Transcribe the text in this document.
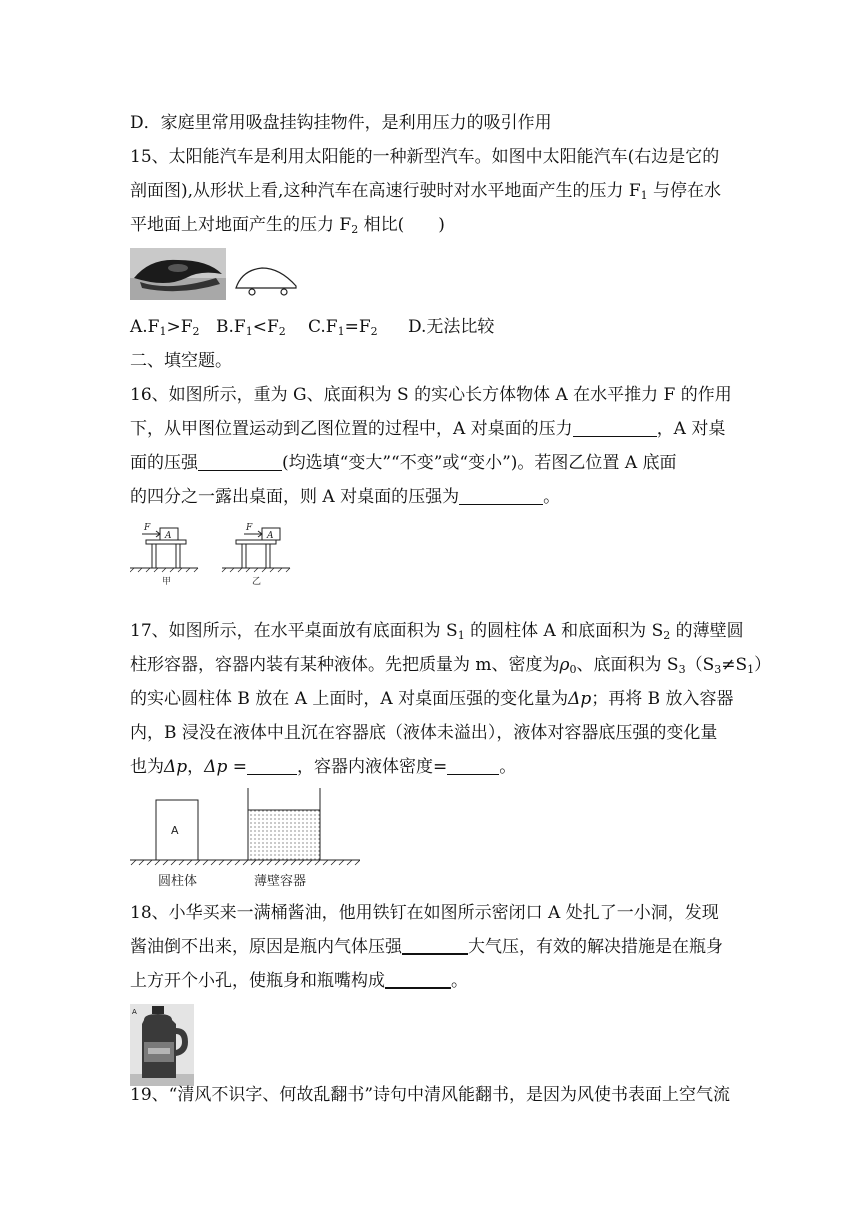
D．家庭里常用吸盘挂钩挂物件，是利用压力的吸引作用
15、太阳能汽车是利用太阳能的一种新型汽车。如图中太阳能汽车(右边是它的
剖面图),从形状上看,这种汽车在高速行驶时对水平地面产生的压力 $F_1$ 与停在水
平地面上对地面产生的压力 $F_2$ 相比(　　)
$A.F_1>F_2$ $B.F_1<F_2$ $C.F_1=F_2$ D.无法比较
二、填空题。
16、如图所示，重为 G、底面积为 S 的实心长方体物体 A 在水平推力 F 的作用
下，从甲图位置运动到乙图位置的过程中，A 对桌面的压力	，A 对桌
面的压强	(均选填“变大”“不变”或“变小”)。若图乙位置 A 底面
的四分之一露出桌面，则 A 对桌面的压强为	。
F
A
F
A
甲	乙
17、如图所示，在水平桌面放有底面积为 $S_1$ 的圆柱体 A 和底面积为 $S_2$ 的薄壁圆
柱形容器，容器内装有某种液体。先把质量为 m、密度为$\rho_0$、底面积为 $S_3(S_3\ne S_1)$
的实心圆柱体 B 放在 A 上面时，A 对桌面压强的变化量为Δp；再将 B 放入容器
内，B 浸没在液体中且沉在容器底（液体未溢出），液体对容器底压强的变化量
也为Δp，Δp =	，容器内液体密度=	。
A
圆柱体	薄壁容器
18、小华买来一满桶酱油，他用铁钉在如图所示密闭口 A 处扎了一小洞，发现
酱油倒不出来，原因是瓶内气体压强	大气压，有效的解决措施是在瓶身
上方开个小孔，使瓶身和瓶嘴构成	。
A
19、“清风不识字、何故乱翻书”诗句中清风能翻书，是因为风使书表面上空气流
